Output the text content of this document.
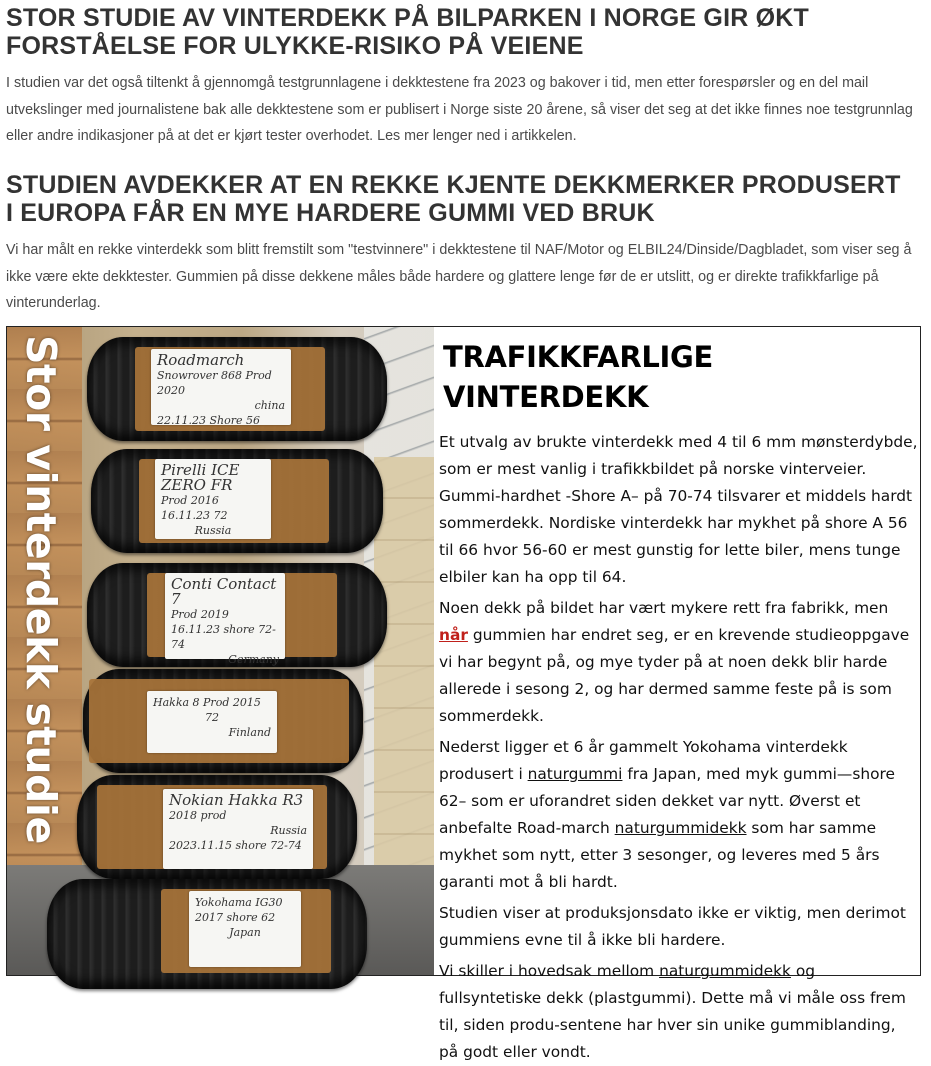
STOR STUDIE AV VINTERDEKK PÅ BILPARKEN I NORGE GIR ØKT FORSTÅELSE FOR ULYKKE-RISIKO PÅ VEIENE

I studien var det også tiltenkt å gjennomgå testgrunnlagene i dekktestene fra 2023 og bakover i tid, men etter forespørsler og en del mail utvekslinger med journalistene bak alle dekktestene som er publisert i Norge siste 20 årene, så viser det seg at det ikke finnes noe testgrunnlag eller andre indikasjoner på at det er kjørt tester overhodet. Les mer lenger ned i artikkelen.

STUDIEN AVDEKKER AT EN REKKE KJENTE DEKKMERKER PRODUSERT I EUROPA FÅR EN MYE HARDERE GUMMI VED BRUK

Vi har målt en rekke vinterdekk som blitt fremstilt som "testvinnere" i dekktestene til NAF/Motor og ELBIL24/Dinside/Dagbladet, som viser seg å ikke være ekte dekktester. Gummien på disse dekkene måles både hardere og glattere lenge før de er utslitt, og er direkte trafikkfarlige på vinterunderlag.

Roadmarch
Snowrover 868 Prod 2020
china
22.11.23 Shore 56
Pirelli ICE ZERO FR
Prod 2016
16.11.23 72
Russia
Conti Contact 7
Prod 2019
16.11.23 shore 72-74
Germany
Hakka 8 Prod 2015
72
Finland
Nokian Hakka R3
2018 prod
Russia
2023.11.15 shore 72-74
Yokohama IG30
2017 shore 62
Japan
Stor vinterdekk studie	TRAFIKKFARLIGE VINTERDEKK

Et utvalg av brukte vinterdekk med 4 til 6 mm mønsterdybde, som er mest vanlig i trafikkbildet på norske vinterveier. Gummi-hardhet -Shore A– på 70-74 tilsvarer et middels hardt sommerdekk. Nordiske vinterdekk har mykhet på shore A 56 til 66 hvor 56-60 er mest gunstig for lette biler, mens tunge elbiler kan ha opp til 64.

Noen dekk på bildet har vært mykere rett fra fabrikk, men når gummien har endret seg, er en krevende studieoppgave vi har begynt på, og mye tyder på at noen dekk blir harde allerede i sesong 2, og har dermed samme feste på is som sommerdekk.

Nederst ligger et 6 år gammelt Yokohama vinterdekk produsert i naturgummi fra Japan, med myk gummi—shore 62– som er uforandret siden dekket var nytt. Øverst et anbefalte Road-march naturgummidekk som har samme mykhet som nytt, etter 3 sesonger, og leveres med 5 års garanti mot å bli hardt.

Studien viser at produksjonsdato ikke er viktig, men derimot gummiens evne til å ikke bli hardere.

Vi skiller i hovedsak mellom naturgummidekk og fullsyntetiske dekk (plastgummi). Dette må vi måle oss frem til, siden produ-sentene har hver sin unike gummiblanding, på godt eller vondt.
